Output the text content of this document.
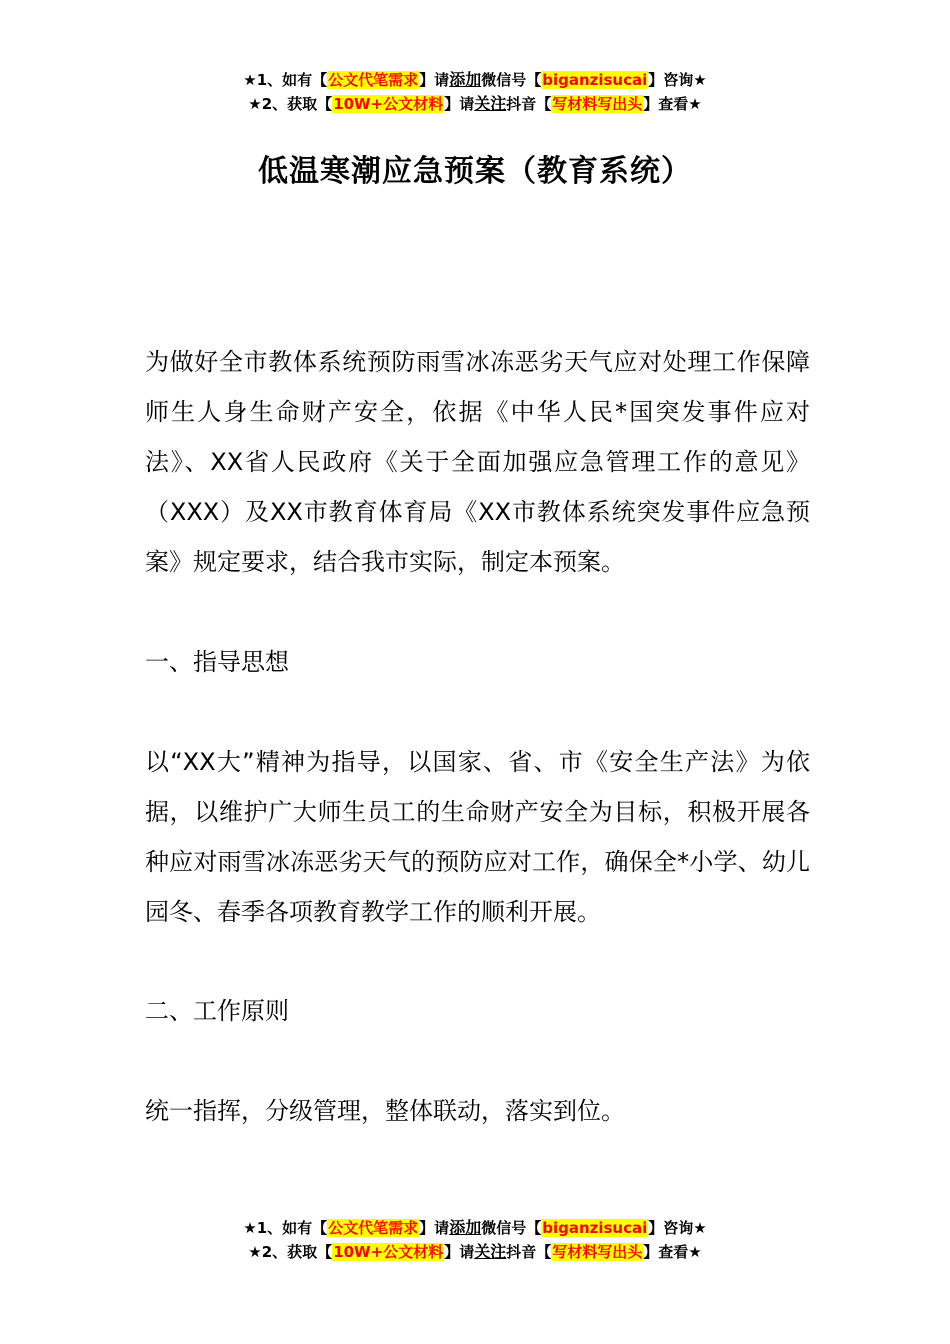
★1、如有【公文代笔需求】请添加微信号【biganzisucai】咨询★
★2、获取【10W+公文材料】请关注抖音【写材料写出头】查看★
低温寒潮应急预案（教育系统）

为做好全市教体系统预防雨雪冰冻恶劣天气应对处理工作保障师生人身生命财产安全，依据《中华人民*国突发事件应对法》、XX省人民政府《关于全面加强应急管理工作的意见》（XXX）及XX市教育体育局《XX市教体系统突发事件应急预案》规定要求，结合我市实际，制定本预案。

一、指导思想

以“XX大”精神为指导，以国家、省、市《安全生产法》为依据，以维护广大师生员工的生命财产安全为目标，积极开展各种应对雨雪冰冻恶劣天气的预防应对工作，确保全*小学、幼儿园冬、春季各项教育教学工作的顺利开展。

二、工作原则

统一指挥，分级管理，整体联动，落实到位。

★1、如有【公文代笔需求】请添加微信号【biganzisucai】咨询★
★2、获取【10W+公文材料】请关注抖音【写材料写出头】查看★
